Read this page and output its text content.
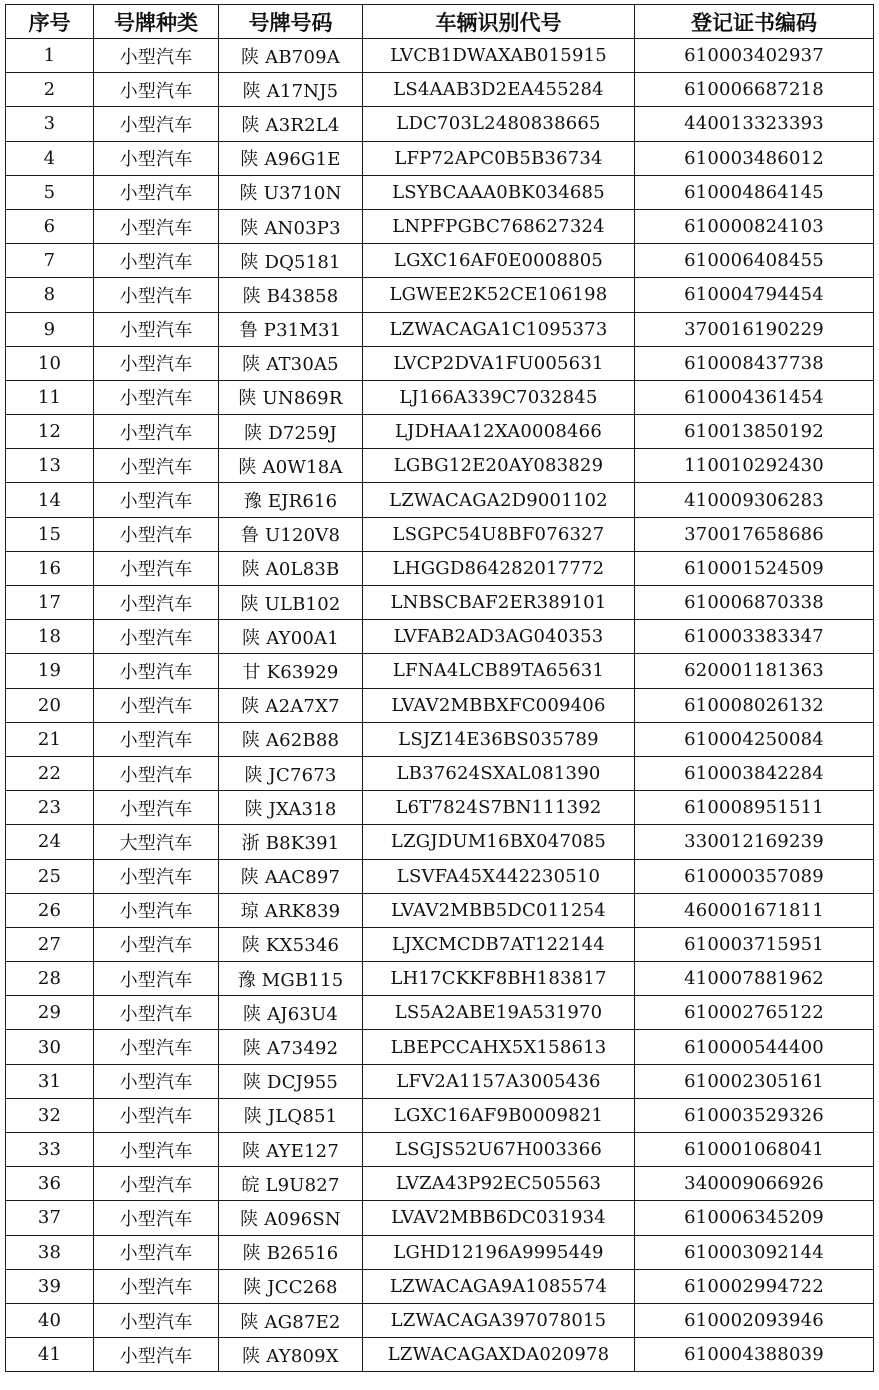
序号	号牌种类	号牌号码	车辆识别代号	登记证书编码
1	小型汽车	陕 AB709A	LVCB1DWAXAB015915	610003402937
2	小型汽车	陕 A17NJ5	LS4AAB3D2EA455284	610006687218
3	小型汽车	陕 A3R2L4	LDC703L2480838665	440013323393
4	小型汽车	陕 A96G1E	LFP72APC0B5B36734	610003486012
5	小型汽车	陕 U3710N	LSYBCAAA0BK034685	610004864145
6	小型汽车	陕 AN03P3	LNPFPGBC768627324	610000824103
7	小型汽车	陕 DQ5181	LGXC16AF0E0008805	610006408455
8	小型汽车	陕 B43858	LGWEE2K52CE106198	610004794454
9	小型汽车	鲁 P31M31	LZWACAGA1C1095373	370016190229
10	小型汽车	陕 AT30A5	LVCP2DVA1FU005631	610008437738
11	小型汽车	陕 UN869R	LJ166A339C7032845	610004361454
12	小型汽车	陕 D7259J	LJDHAA12XA0008466	610013850192
13	小型汽车	陕 A0W18A	LGBG12E20AY083829	110010292430
14	小型汽车	豫 EJR616	LZWACAGA2D9001102	410009306283
15	小型汽车	鲁 U120V8	LSGPC54U8BF076327	370017658686
16	小型汽车	陕 A0L83B	LHGGD864282017772	610001524509
17	小型汽车	陕 ULB102	LNBSCBAF2ER389101	610006870338
18	小型汽车	陕 AY00A1	LVFAB2AD3AG040353	610003383347
19	小型汽车	甘 K63929	LFNA4LCB89TA65631	620001181363
20	小型汽车	陕 A2A7X7	LVAV2MBBXFC009406	610008026132
21	小型汽车	陕 A62B88	LSJZ14E36BS035789	610004250084
22	小型汽车	陕 JC7673	LB37624SXAL081390	610003842284
23	小型汽车	陕 JXA318	L6T7824S7BN111392	610008951511
24	大型汽车	浙 B8K391	LZGJDUM16BX047085	330012169239
25	小型汽车	陕 AAC897	LSVFA45X442230510	610000357089
26	小型汽车	琼 ARK839	LVAV2MBB5DC011254	460001671811
27	小型汽车	陕 KX5346	LJXCMCDB7AT122144	610003715951
28	小型汽车	豫 MGB115	LH17CKKF8BH183817	410007881962
29	小型汽车	陕 AJ63U4	LS5A2ABE19A531970	610002765122
30	小型汽车	陕 A73492	LBEPCCAHX5X158613	610000544400
31	小型汽车	陕 DCJ955	LFV2A1157A3005436	610002305161
32	小型汽车	陕 JLQ851	LGXC16AF9B0009821	610003529326
33	小型汽车	陕 AYE127	LSGJS52U67H003366	610001068041
36	小型汽车	皖 L9U827	LVZA43P92EC505563	340009066926
37	小型汽车	陕 A096SN	LVAV2MBB6DC031934	610006345209
38	小型汽车	陕 B26516	LGHD12196A9995449	610003092144
39	小型汽车	陕 JCC268	LZWACAGA9A1085574	610002994722
40	小型汽车	陕 AG87E2	LZWACAGA397078015	610002093946
41	小型汽车	陕 AY809X	LZWACAGAXDA020978	610004388039
